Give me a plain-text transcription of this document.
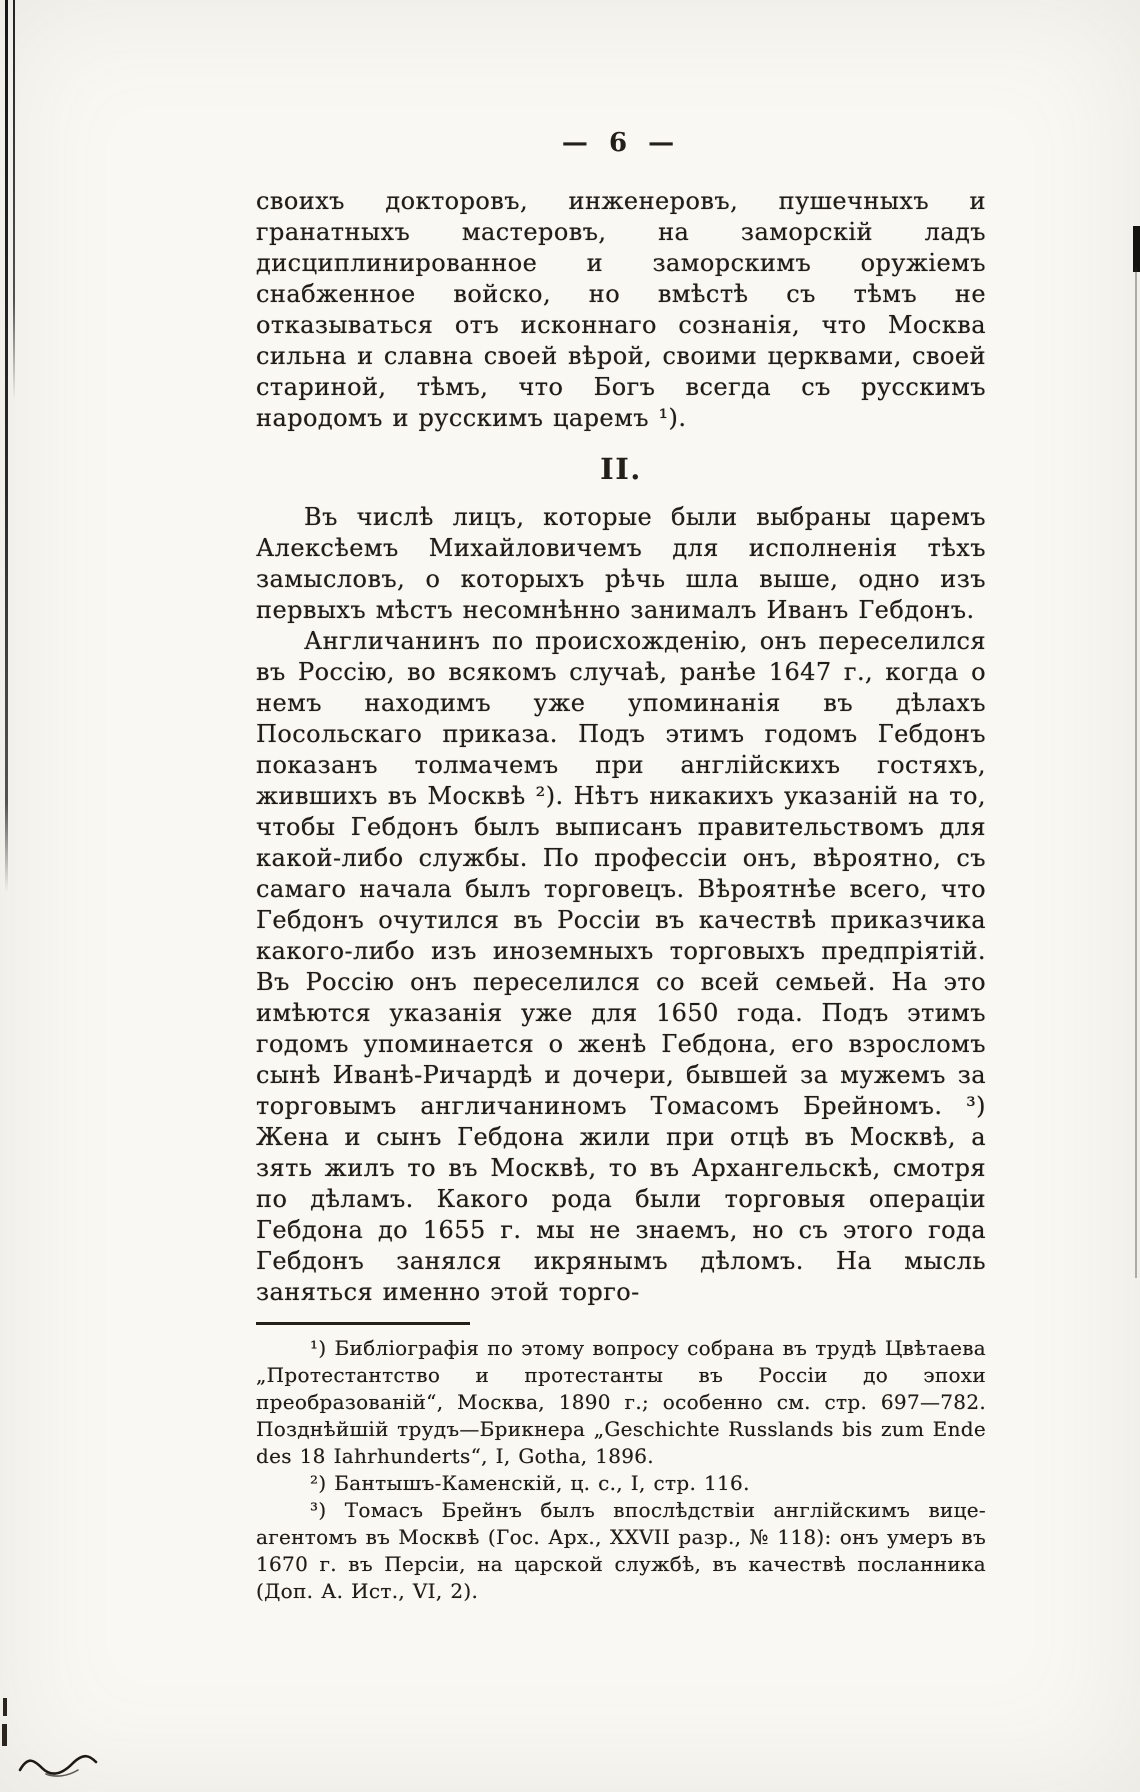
— 6 —

своихъ докторовъ, инженеровъ, пушечныхъ и гранатныхъ мастеровъ, на заморскій ладъ дисциплинированное и заморскимъ оружіемъ снабженное войско, но вмѣстѣ съ тѣмъ не отказываться отъ исконнаго сознанія, что Москва сильна и славна своей вѣрой, своими церквами, своей стариной, тѣмъ, что Богъ всегда съ русскимъ народомъ и русскимъ царемъ ¹).

II.

Въ числѣ лицъ, которые были выбраны царемъ Алексѣемъ Михайловичемъ для исполненія тѣхъ замысловъ, о которыхъ рѣчь шла выше, одно изъ первыхъ мѣстъ несомнѣнно занималъ Иванъ Гебдонъ.

Англичанинъ по происхожденію, онъ переселился въ Россію, во всякомъ случаѣ, ранѣе 1647 г., когда о немъ находимъ уже упоминанія въ дѣлахъ Посольскаго приказа. Подъ этимъ годомъ Гебдонъ показанъ толмачемъ при англійскихъ гостяхъ, жившихъ въ Москвѣ ²). Нѣтъ никакихъ указаній на то, чтобы Гебдонъ былъ выписанъ правительствомъ для какой-либо службы. По профессіи онъ, вѣроятно, съ самаго начала былъ торговецъ. Вѣроятнѣе всего, что Гебдонъ очутился въ Россіи въ качествѣ приказчика какого-либо изъ иноземныхъ торговыхъ предпріятій. Въ Россію онъ переселился со всей семьей. На это имѣются указанія уже для 1650 года. Подъ этимъ годомъ упоминается о женѣ Гебдона, его взросломъ сынѣ Иванѣ-Ричардѣ и дочери, бывшей за мужемъ за торговымъ англичаниномъ Томасомъ Брейномъ. ³) Жена и сынъ Гебдона жили при отцѣ въ Москвѣ, а зять жилъ то въ Москвѣ, то въ Архангельскѣ, смотря по дѣламъ. Какого рода были торговыя операціи Гебдона до 1655 г. мы не знаемъ, но съ этого года Гебдонъ занялся икрянымъ дѣломъ. На мысль заняться именно этой торго-

¹) Библіографія по этому вопросу собрана въ трудѣ Цвѣтаева „Протестантство и протестанты въ Россіи до эпохи преобразованій“, Москва, 1890 г.; особенно см. стр. 697—782. Позднѣйшій трудъ—Брикнера „Geschichte Russlands bis zum Ende des 18 Iahrhunderts“, I, Gotha, 1896.

²) Бантышъ-Каменскій, ц. с., I, стр. 116.

³) Томасъ Брейнъ былъ впослѣдствіи англійскимъ вице-агентомъ въ Москвѣ (Гос. Арх., XXVII разр., № 118): онъ умеръ въ 1670 г. въ Персіи, на царской службѣ, въ качествѣ посланника (Доп. А. Ист., VI, 2).
